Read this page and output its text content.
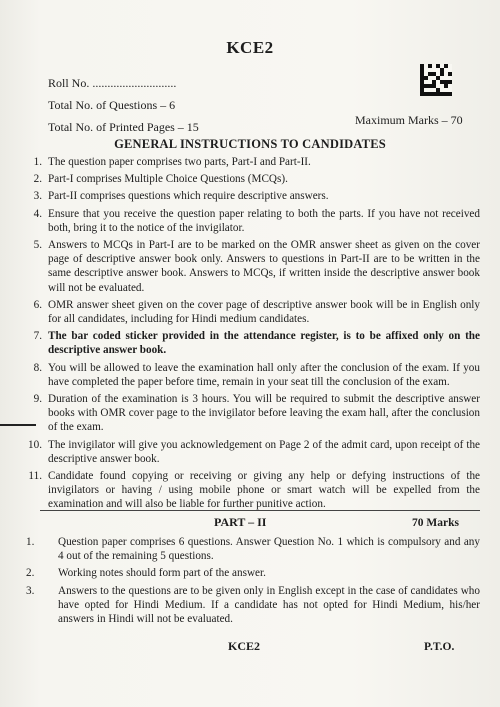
KCE2
Roll No. ............................
Total No. of Questions – 6
Total No. of Printed Pages – 15	Maximum Marks – 70
GENERAL INSTRUCTIONS TO CANDIDATES
1. The question paper comprises two parts, Part-I and Part-II.
2. Part-I comprises Multiple Choice Questions (MCQs).
3. Part-II comprises questions which require descriptive answers.
4. Ensure that you receive the question paper relating to both the parts. If you have not received both, bring it to the notice of the invigilator.
5. Answers to MCQs in Part-I are to be marked on the OMR answer sheet as given on the cover page of descriptive answer book only. Answers to questions in Part-II are to be written in the same descriptive answer book. Answers to MCQs, if written inside the descriptive answer book will not be evaluated.
6. OMR answer sheet given on the cover page of descriptive answer book will be in English only for all candidates, including for Hindi medium candidates.
7. The bar coded sticker provided in the attendance register, is to be affixed only on the descriptive answer book.
8. You will be allowed to leave the examination hall only after the conclusion of the exam. If you have completed the paper before time, remain in your seat till the conclusion of the exam.
9. Duration of the examination is 3 hours. You will be required to submit the descriptive answer books with OMR cover page to the invigilator before leaving the exam hall, after the conclusion of the exam.
10. The invigilator will give you acknowledgement on Page 2 of the admit card, upon receipt of the descriptive answer book.
11. Candidate found copying or receiving or giving any help or defying instructions of the invigilators or having / using mobile phone or smart watch will be expelled from the examination and will also be liable for further punitive action.
PART – II	70 Marks
1.	Question paper comprises 6 questions. Answer Question No. 1 which is compulsory and any 4 out of the remaining 5 questions.
2.	Working notes should form part of the answer.
3.	Answers to the questions are to be given only in English except in the case of candidates who have opted for Hindi Medium. If a candidate has not opted for Hindi Medium, his/her answers in Hindi will not be evaluated.
KCE2	P.T.O.
